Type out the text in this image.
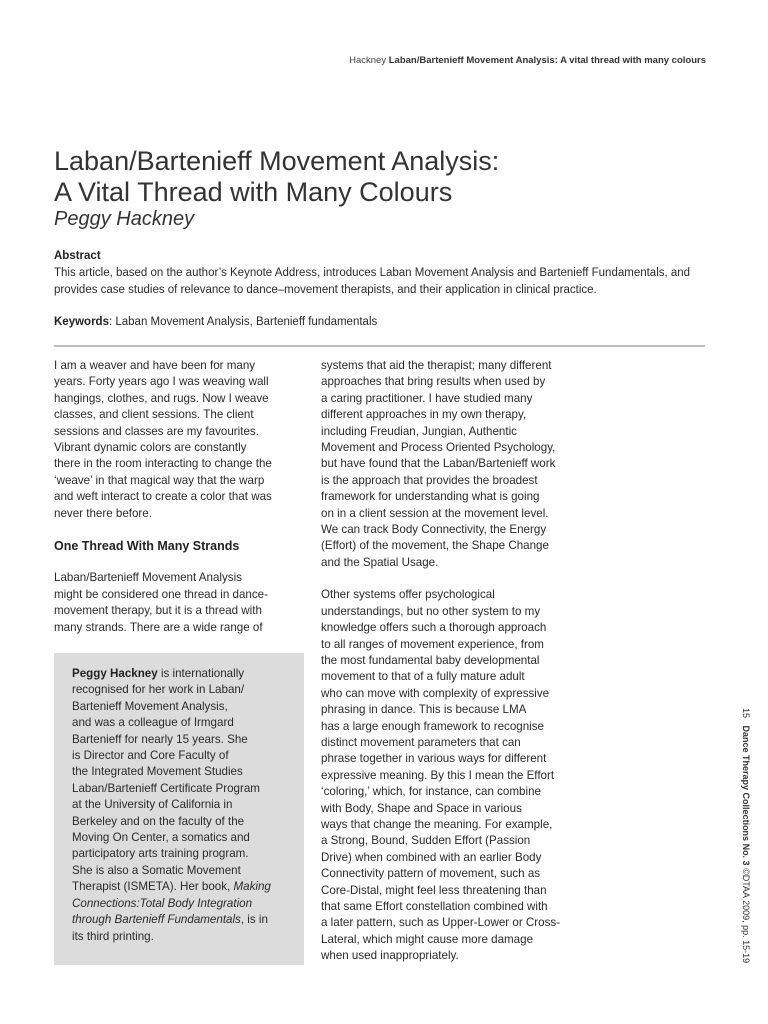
Hackney Laban/Bartenieff Movement Analysis: A vital thread with many colours
Laban/Bartenieff Movement Analysis:
A Vital Thread with Many Colours
Peggy Hackney
Abstract
This article, based on the author’s Keynote Address, introduces Laban Movement Analysis and Bartenieff Fundamentals, and provides case studies of relevance to dance–movement therapists, and their application in clinical practice.
Keywords: Laban Movement Analysis, Bartenieff fundamentals

I am a weaver and have been for many
years. Forty years ago I was weaving wall
hangings, clothes, and rugs. Now I weave
classes, and client sessions. The client
sessions and classes are my favourites.
Vibrant dynamic colors are constantly
there in the room interacting to change the
‘weave’ in that magical way that the warp
and weft interact to create a color that was
never there before.

One Thread With Many Strands

Laban/Bartenieff Movement Analysis
might be considered one thread in dance-
movement therapy, but it is a thread with
many strands. There are a wide range of

Peggy Hackney is internationally
recognised for her work in Laban/
Bartenieff Movement Analysis,
and was a colleague of Irmgard
Bartenieff for nearly 15 years. She
is Director and Core Faculty of
the Integrated Movement Studies
Laban/Bartenieff Certificate Program
at the University of California in
Berkeley and on the faculty of the
Moving On Center, a somatics and
participatory arts training program.
She is also a Somatic Movement
Therapist (ISMETA). Her book, Making
Connections:Total Body Integration
through Bartenieff Fundamentals, is in
its third printing.

systems that aid the therapist; many different
approaches that bring results when used by
a caring practitioner. I have studied many
different approaches in my own therapy,
including Freudian, Jungian, Authentic
Movement and Process Oriented Psychology,
but have found that the Laban/Bartenieff work
is the approach that provides the broadest
framework for understanding what is going
on in a client session at the movement level.
We can track Body Connectivity, the Energy
(Effort) of the movement, the Shape Change
and the Spatial Usage.

Other systems offer psychological
understandings, but no other system to my
knowledge offers such a thorough approach
to all ranges of movement experience, from
the most fundamental baby developmental
movement to that of a fully mature adult
who can move with complexity of expressive
phrasing in dance. This is because LMA
has a large enough framework to recognise
distinct movement parameters that can
phrase together in various ways for different
expressive meaning. By this I mean the Effort
‘coloring,’ which, for instance, can combine
with Body, Shape and Space in various
ways that change the meaning. For example,
a Strong, Bound, Sudden Effort (Passion
Drive) when combined with an earlier Body
Connectivity pattern of movement, such as
Core-Distal, might feel less threatening than
that same Effort constellation combined with
a later pattern, such as Upper-Lower or Cross-
Lateral, which might cause more damage
when used inappropriately.

15   Dance Therapy Collections No. 3 ©DTAA 2009, pp. 15-19
